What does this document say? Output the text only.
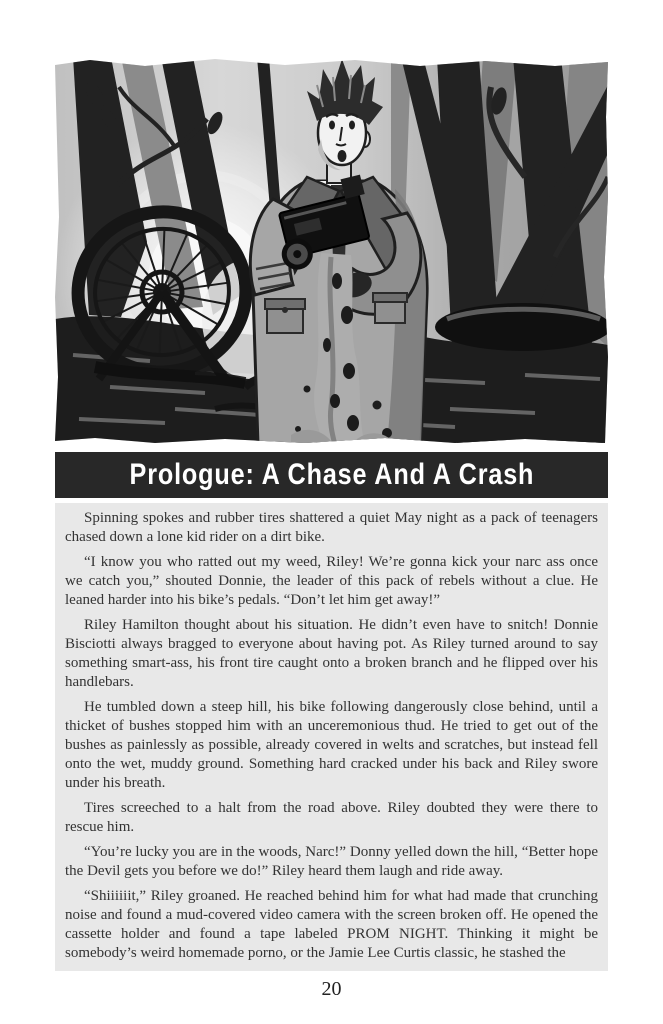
Prologue: A Chase And A Crash

Spinning spokes and rubber tires shattered a quiet May night as a pack of teenagers chased down a lone kid rider on a dirt bike.

“I know you who ratted out my weed, Riley! We’re gonna kick your narc ass once we catch you,” shouted Donnie, the leader of this pack of rebels without a clue. He leaned harder into his bike’s pedals. “Don’t let him get away!”

Riley Hamilton thought about his situation. He didn’t even have to snitch! Donnie Bisciotti always bragged to everyone about having pot. As Riley turned around to say something smart-ass, his front tire caught onto a broken branch and he flipped over his handlebars.

He tumbled down a steep hill, his bike following dangerously close behind, until a thicket of bushes stopped him with an unceremonious thud. He tried to get out of the bushes as painlessly as possible, already covered in welts and scratches, but instead fell onto the wet, muddy ground. Something hard cracked under his back and Riley swore under his breath.

Tires screeched to a halt from the road above. Riley doubted they were there to rescue him.

“You’re lucky you are in the woods, Narc!” Donny yelled down the hill, “Better hope the Devil gets you before we do!” Riley heard them laugh and ride away.

“Shiiiiiit,” Riley groaned. He reached behind him for what had made that crunching noise and found a mud-covered video camera with the screen broken off. He opened the cassette holder and found a tape labeled PROM NIGHT. Thinking it might be somebody’s weird homemade porno, or the Jamie Lee Curtis classic, he stashed the

20
